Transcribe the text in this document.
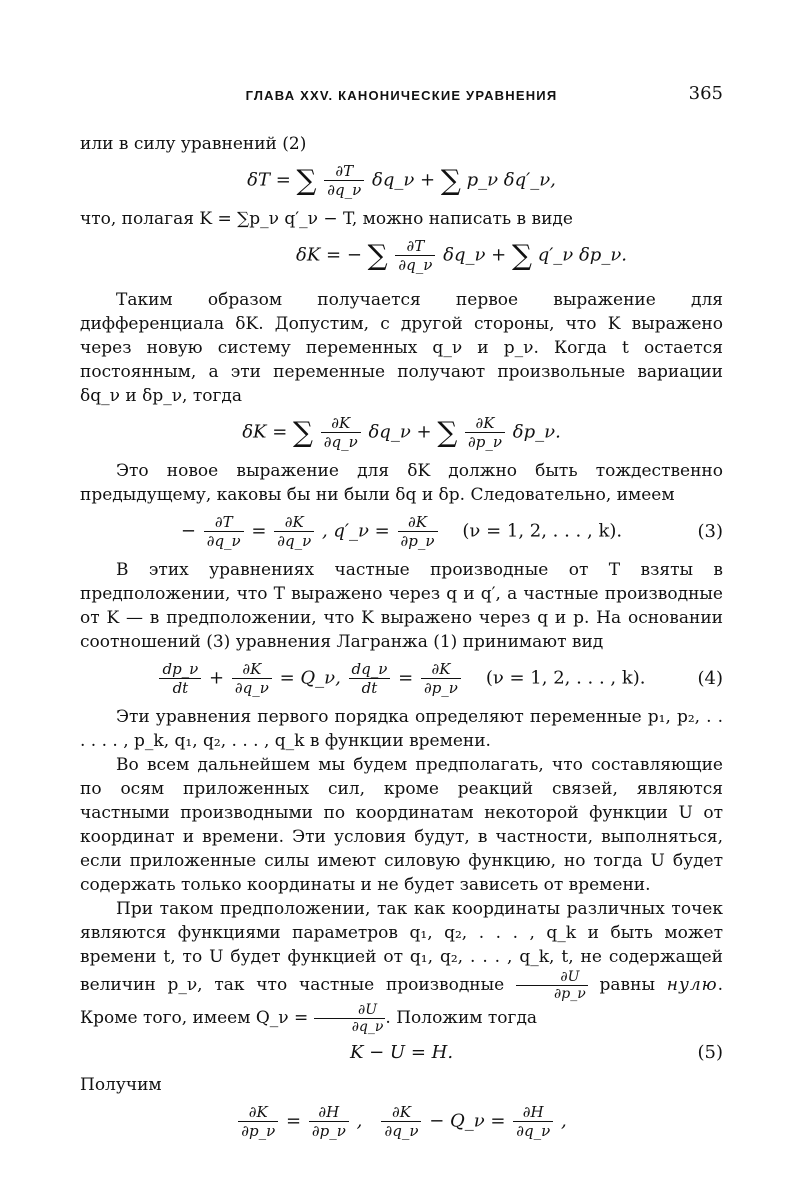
ГЛАВА XXV. КАНОНИЧЕСКИЕ УРАВНЕНИЯ	365

или в силу уравнений (2)

δT = ∑ $\frac{\partial T}{\partial q\_\nu}$ δq_ν + ∑ p_ν δq′_ν,

что, полагая K = ∑p_ν q′_ν − T, можно написать в виде

δK = − ∑ $\frac{\partial T}{\partial q\_\nu}$ δq_ν + ∑ q′_ν δp_ν.

Таким образом получается первое выражение для дифференциала δK. Допустим, с другой стороны, что K выражено через новую систему переменных q_ν и p_ν. Когда t остается постоянным, а эти переменные получают произвольные вариации δq_ν и δp_ν, тогда

δK = ∑ $\frac{\partial K}{\partial q\_\nu}$ δq_ν + ∑ $\frac{\partial K}{\partial p\_\nu}$ δp_ν.

Это новое выражение для δK должно быть тождественно предыдущему, каковы бы ни были δq и δp. Следовательно, имеем

− $\frac{\partial T}{\partial q\_\nu} = \frac{\partial K}{\partial q\_\nu}$ , q′_ν = $\frac{\partial K}{\partial p\_\nu} (\nu = 1$, 2, . . . , k).	(3)

В этих уравнениях частные производные от T взяты в предположении, что T выражено через q и q′, а частные производные от K — в предположении, что K выражено через q и p. На основании соотношений (3) уравнения Лагранжа (1) принимают вид

$\frac{dp\_\nu}{dt} + \frac{\partial K}{\partial q\_\nu}$ = Q_ν, $\frac{dq\_\nu}{dt} = \frac{\partial K}{\partial p\_\nu} (\nu = 1$, 2, . . . , k).	(4)

Эти уравнения первого порядка определяют переменные p₁, p₂, . . . . . . , p_k, q₁, q₂, . . . , q_k в функции времени.

Во всем дальнейшем мы будем предполагать, что составляющие по осям приложенных сил, кроме реакций связей, являются частными производными по координатам некоторой функции U от координат и времени. Эти условия будут, в частности, выполняться, если приложенные силы имеют силовую функцию, но тогда U будет содержать только координаты и не будет зависеть от времени.

При таком предположении, так как координаты различных точек являются функциями параметров q₁, q₂, . . . , q_k и быть может времени t, то U будет функцией от q₁, q₂, . . . , q_k, t, не содержащей величин p_ν, так что частные производные $\frac{\partial U}{\partial p\_\nu}$ равны нулю. Кроме того, имеем Q_ν = $\frac{\partial U}{\partial q\_\nu}$ . Положим тогда

K − U = H.	(5)

Получим

$\frac{\partial K}{\partial p\_\nu} = \frac{\partial H}{\partial p\_\nu}$ , $\frac{\partial K}{\partial q\_\nu}$ − Q_ν = $\frac{\partial H}{\partial q\_\nu}$ ,
